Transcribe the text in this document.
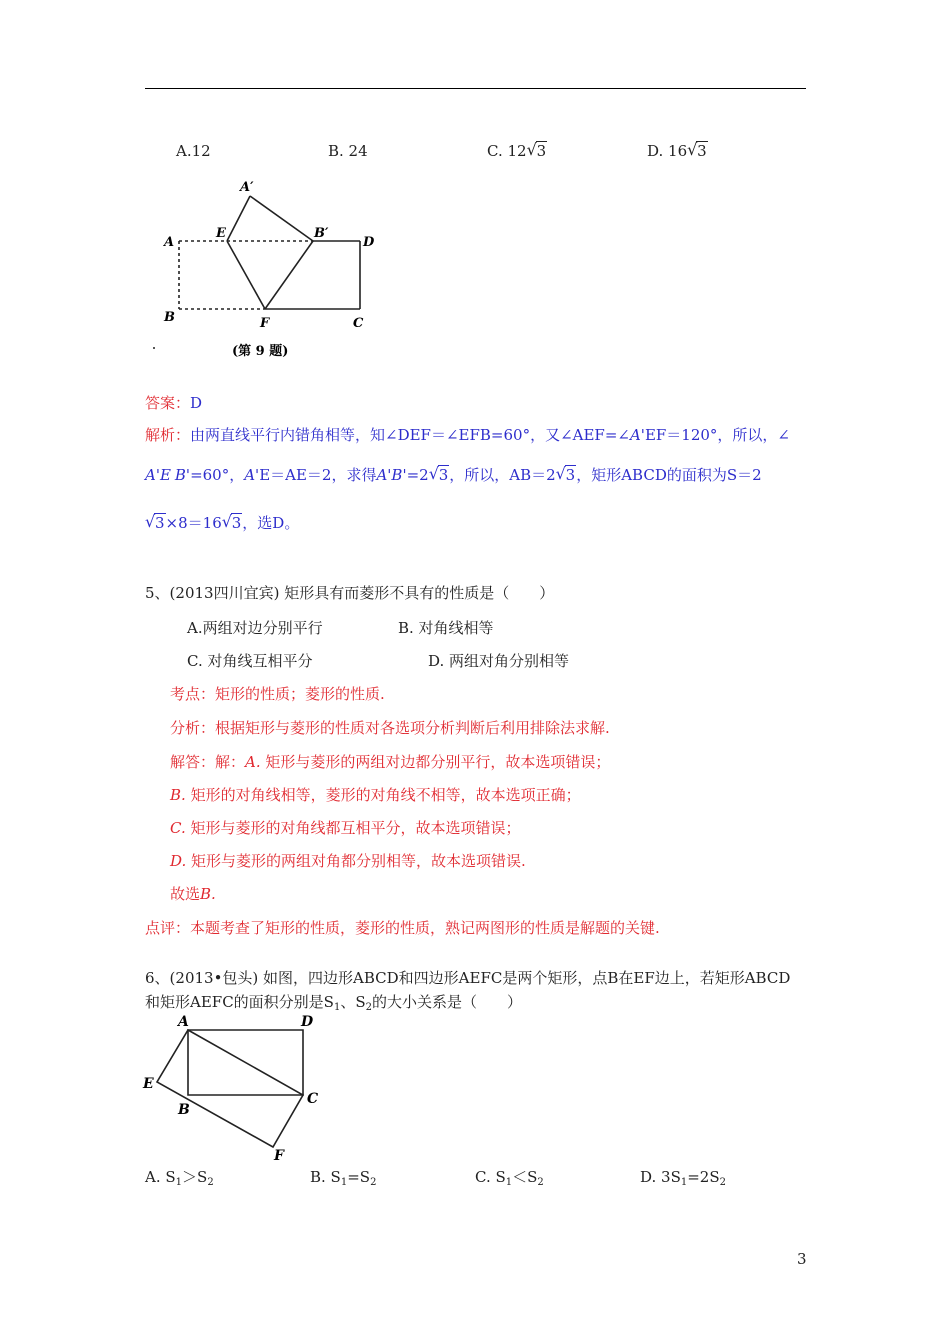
A.12	B. 24	C. 12 √ 3	D. 16 √ 3
A′
A
E	B′
D
B	F	C
(第 9 题)
答案：D
解析：由两直线平行内错角相等，知∠DEF＝∠EFB=60°，又∠AEF=∠A'EF＝120°，所以，∠
A'E B'=60°，A'E＝AE＝2，求得A'B'=2 √ 3，所以，AB＝2 √ 3，矩形ABCD的面积为S＝2
√ 3×8＝16 √ 3，选D。
5、(2013四川宜宾) 矩形具有而菱形不具有的性质是（　　）
A.两组对边分别平行	B. 对角线相等
C. 对角线互相平分	D. 两组对角分别相等
考点：矩形的性质；菱形的性质.
分析：根据矩形与菱形的性质对各选项分析判断后利用排除法求解.
解答：解：A. 矩形与菱形的两组对边都分别平行，故本选项错误；
B. 矩形的对角线相等，菱形的对角线不相等，故本选项正确；
C. 矩形与菱形的对角线都互相平分，故本选项错误；
D. 矩形与菱形的两组对角都分别相等，故本选项错误.
故选B.
点评：本题考查了矩形的性质，菱形的性质，熟记两图形的性质是解题的关键.
6、(2013•包头) 如图，四边形ABCD和四边形AEFC是两个矩形，点B在EF边上，若矩形ABCD
和矩形AEFC的面积分别是$S_1$、$S_2$的大小关系是（　　）
A	D
E
B
C
F
A. $S_1>S_2$	B. $S_1=S_2$	C. $S_1<S_2$	D. $3S_1=2S_2$
3
